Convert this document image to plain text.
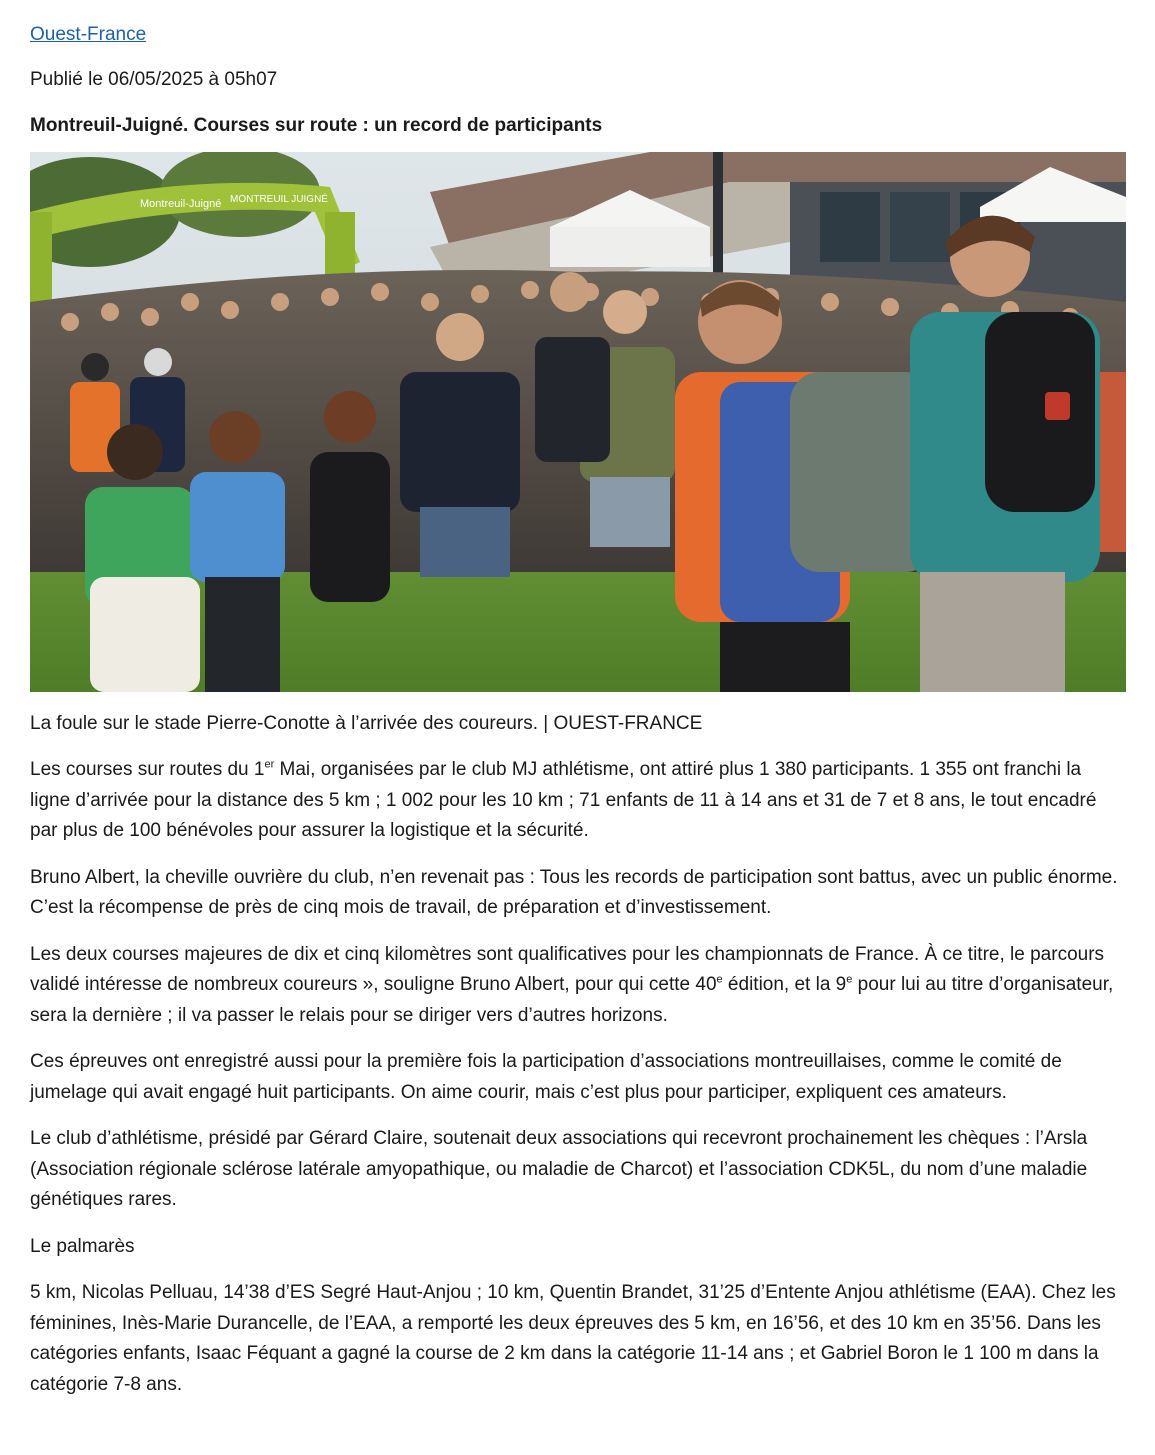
Ouest-France
Publié le 06/05/2025 à 05h07
Montreuil-Juigné. Courses sur route : un record de participants
Montreuil-Juigné MONTREUIL JUIGNÉ
La foule sur le stade Pierre-Conotte à l’arrivée des coureurs. | OUEST-FRANCE

Les courses sur routes du 1er Mai, organisées par le club MJ athlétisme, ont attiré plus 1 380 participants. 1 355 ont franchi la ligne d’arrivée pour la distance des 5 km ; 1 002 pour les 10 km ; 71 enfants de 11 à 14 ans et 31 de 7 et 8 ans, le tout encadré par plus de 100 bénévoles pour assurer la logistique et la sécurité.

Bruno Albert, la cheville ouvrière du club, n’en revenait pas : Tous les records de participation sont battus, avec un public énorme. C’est la récompense de près de cinq mois de travail, de préparation et d’investissement.

Les deux courses majeures de dix et cinq kilomètres sont qualificatives pour les championnats de France. À ce titre, le parcours validé intéresse de nombreux coureurs », souligne Bruno Albert, pour qui cette 40e édition, et la 9e pour lui au titre d’organisateur, sera la dernière ; il va passer le relais pour se diriger vers d’autres horizons.

Ces épreuves ont enregistré aussi pour la première fois la participation d’associations montreuillaises, comme le comité de jumelage qui avait engagé huit participants. On aime courir, mais c’est plus pour participer, expliquent ces amateurs.

Le club d’athlétisme, présidé par Gérard Claire, soutenait deux associations qui recevront prochainement les chèques : l’Arsla (Association régionale sclérose latérale amyopathique, ou maladie de Charcot) et l’association CDK5L, du nom d’une maladie génétiques rares.

Le palmarès

5 km, Nicolas Pelluau, 14’38 d’ES Segré Haut-Anjou ; 10 km, Quentin Brandet, 31’25 d’Entente Anjou athlétisme (EAA). Chez les féminines, Inès-Marie Durancelle, de l’EAA, a remporté les deux épreuves des 5 km, en 16’56, et des 10 km en 35’56. Dans les catégories enfants, Isaac Féquant a gagné la course de 2 km dans la catégorie 11-14 ans ; et Gabriel Boron le 1 100 m dans la catégorie 7-8 ans.
